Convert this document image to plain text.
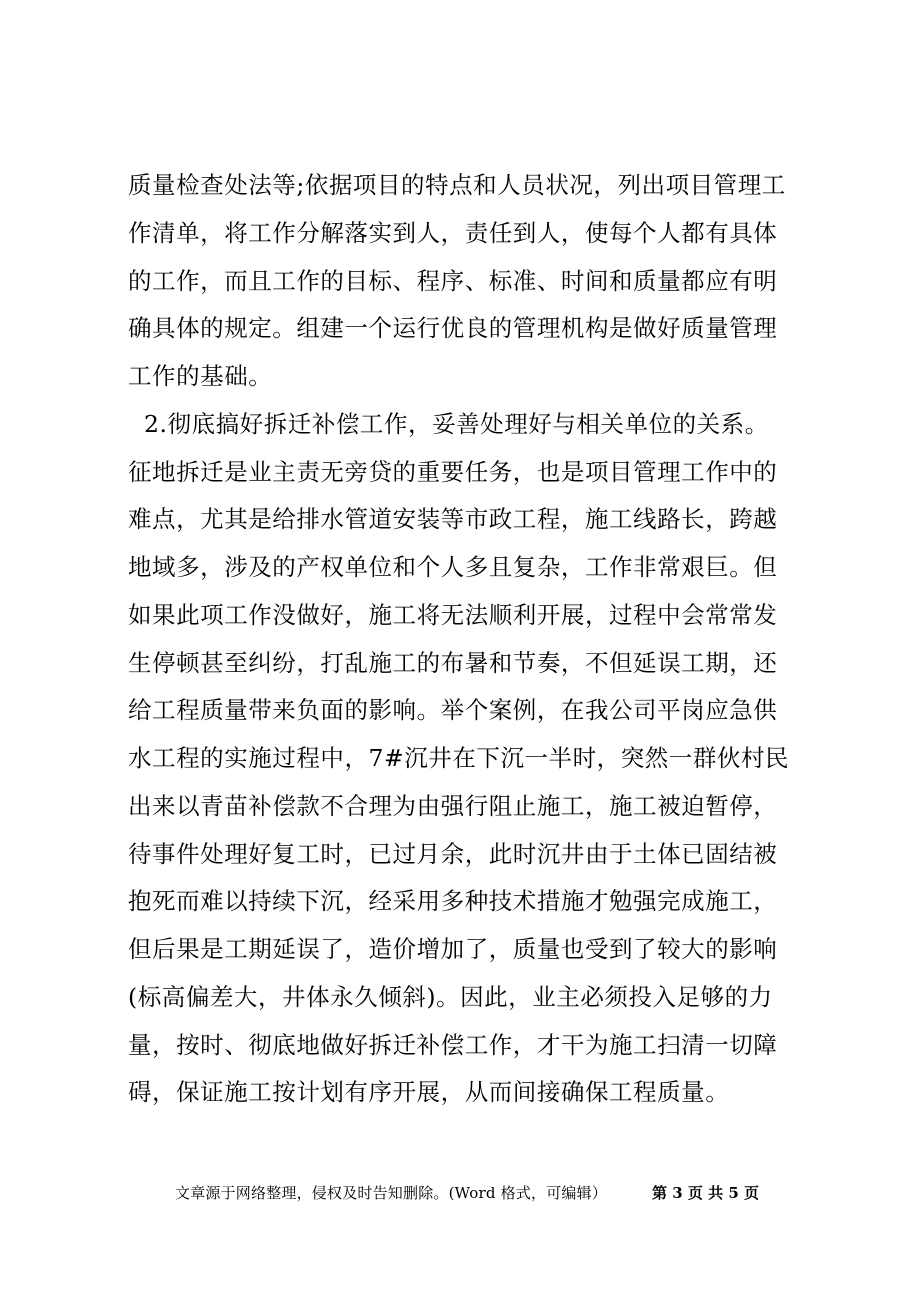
质量检查处法等;依据项目的特点和人员状况，列出项目管理工
作清单，将工作分解落实到人，责任到人，使每个人都有具体
的工作，而且工作的目标、程序、标准、时间和质量都应有明
确具体的规定。组建一个运行优良的管理机构是做好质量管理
工作的基础。
2.彻底搞好拆迁补偿工作，妥善处理好与相关单位的关系。
征地拆迁是业主责无旁贷的重要任务，也是项目管理工作中的
难点，尤其是给排水管道安装等市政工程，施工线路长，跨越
地域多，涉及的产权单位和个人多且复杂，工作非常艰巨。但
如果此项工作没做好，施工将无法顺利开展，过程中会常常发
生停顿甚至纠纷，打乱施工的布暑和节奏，不但延误工期，还
给工程质量带来负面的影响。举个案例，在我公司平岗应急供
水工程的实施过程中，7#沉井在下沉一半时，突然一群伙村民
出来以青苗补偿款不合理为由强行阻止施工，施工被迫暂停，
待事件处理好复工时，已过月余，此时沉井由于土体已固结被
抱死而难以持续下沉，经采用多种技术措施才勉强完成施工，
但后果是工期延误了，造价增加了，质量也受到了较大的影响
(标高偏差大，井体永久倾斜)。因此，业主必须投入足够的力
量，按时、彻底地做好拆迁补偿工作，才干为施工扫清一切障
碍，保证施工按计划有序开展，从而间接确保工程质量。
文章源于网络整理，侵权及时告知删除。(Word 格式，可编辑）	第 3 页 共 5 页
